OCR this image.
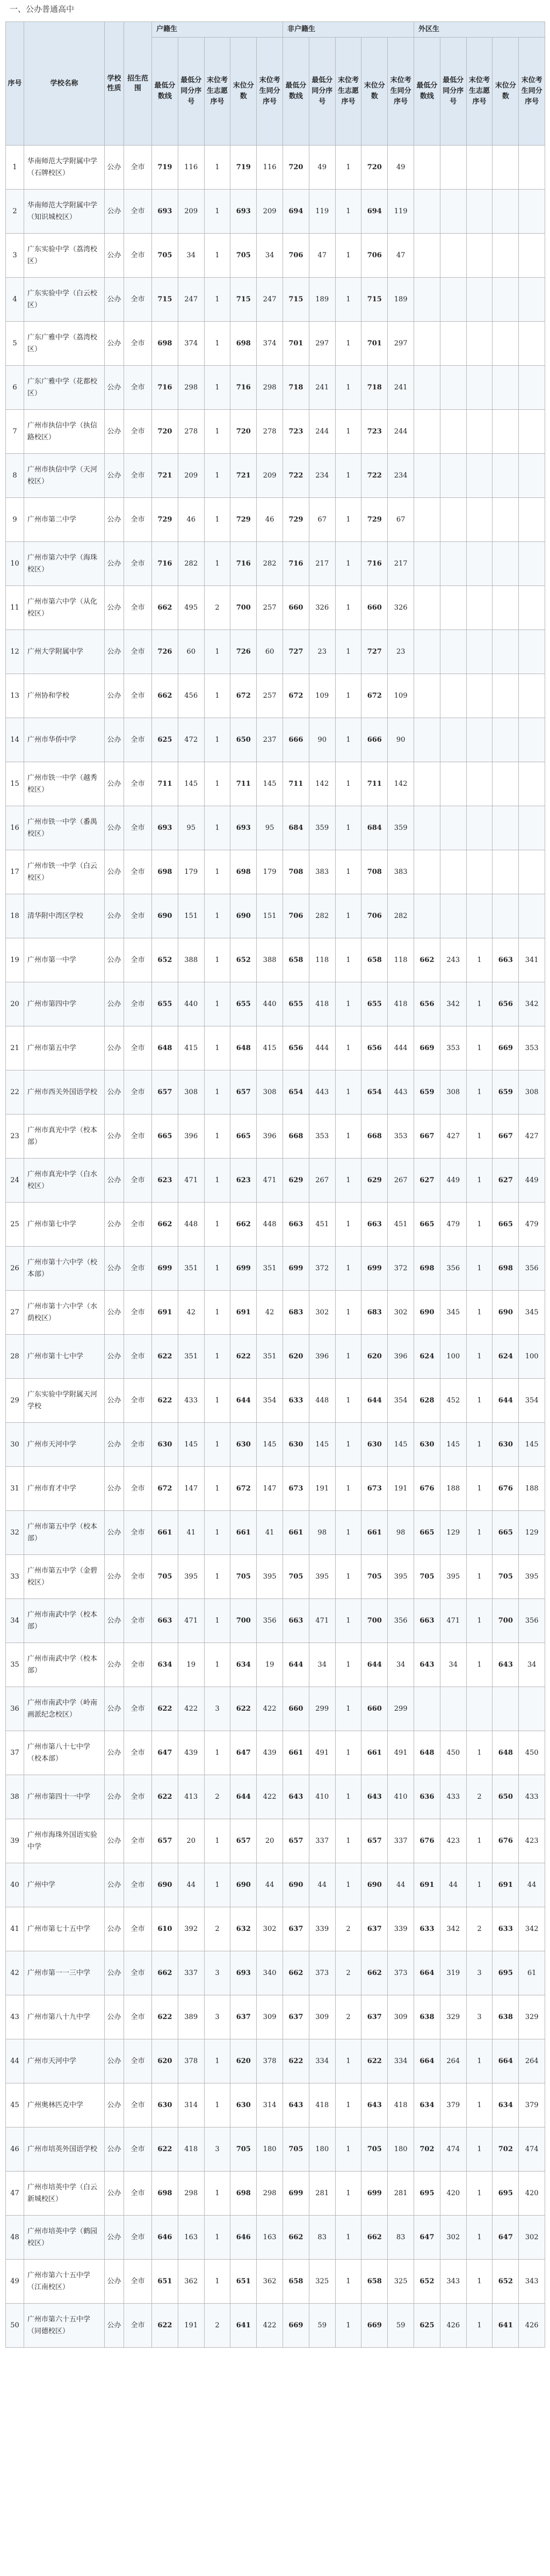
一、公办普通高中
序号	学校名称	学校性质	招生范围	户籍生					非户籍生					外区生				
				最低分数线	最低分同分序号	末位考生志愿序号	末位分数	末位考生同分序号	最低分数线	最低分同分序号	末位考生志愿序号	末位分数	末位考生同分序号	最低分数线	最低分同分序号	末位考生志愿序号	末位分数	末位考生同分序号
1	华南师范大学附属中学（石牌校区）	公办	全市	719	116	1	719	116	720	49	1	720	49					
2	华南师范大学附属中学（知识城校区）	公办	全市	693	209	1	693	209	694	119	1	694	119					
3	广东实验中学（荔湾校区）	公办	全市	705	34	1	705	34	706	47	1	706	47					
4	广东实验中学（白云校区）	公办	全市	715	247	1	715	247	715	189	1	715	189					
5	广东广雅中学（荔湾校区）	公办	全市	698	374	1	698	374	701	297	1	701	297					
6	广东广雅中学（花都校区）	公办	全市	716	298	1	716	298	718	241	1	718	241					
7	广州市执信中学（执信路校区）	公办	全市	720	278	1	720	278	723	244	1	723	244					
8	广州市执信中学（天河校区）	公办	全市	721	209	1	721	209	722	234	1	722	234					
9	广州市第二中学	公办	全市	729	46	1	729	46	729	67	1	729	67					
10	广州市第六中学（海珠校区）	公办	全市	716	282	1	716	282	716	217	1	716	217					
11	广州市第六中学（从化校区）	公办	全市	662	495	2	700	257	660	326	1	660	326					
12	广州大学附属中学	公办	全市	726	60	1	726	60	727	23	1	727	23					
13	广州协和学校	公办	全市	662	456	1	672	257	672	109	1	672	109					
14	广州市华侨中学	公办	全市	625	472	1	650	237	666	90	1	666	90					
15	广州市铁一中学（越秀校区）	公办	全市	711	145	1	711	145	711	142	1	711	142					
16	广州市铁一中学（番禺校区）	公办	全市	693	95	1	693	95	684	359	1	684	359					
17	广州市铁一中学（白云校区）	公办	全市	698	179	1	698	179	708	383	1	708	383					
18	清华附中湾区学校	公办	全市	690	151	1	690	151	706	282	1	706	282					
19	广州市第一中学	公办	全市	652	388	1	652	388	658	118	1	658	118	662	243	1	663	341
20	广州市第四中学	公办	全市	655	440	1	655	440	655	418	1	655	418	656	342	1	656	342
21	广州市第五中学	公办	全市	648	415	1	648	415	656	444	1	656	444	669	353	1	669	353
22	广州市西关外国语学校	公办	全市	657	308	1	657	308	654	443	1	654	443	659	308	1	659	308
23	广州市真光中学（校本部）	公办	全市	665	396	1	665	396	668	353	1	668	353	667	427	1	667	427
24	广州市真光中学（白水校区）	公办	全市	623	471	1	623	471	629	267	1	629	267	627	449	1	627	449
25	广州市第七中学	公办	全市	662	448	1	662	448	663	451	1	663	451	665	479	1	665	479
26	广州市第十六中学（校本部）	公办	全市	699	351	1	699	351	699	372	1	699	372	698	356	1	698	356
27	广州市第十六中学（水荫校区）	公办	全市	691	42	1	691	42	683	302	1	683	302	690	345	1	690	345
28	广州市第十七中学	公办	全市	622	351	1	622	351	620	396	1	620	396	624	100	1	624	100
29	广东实验中学附属天河学校	公办	全市	622	433	1	644	354	633	448	1	644	354	628	452	1	644	354
30	广州市天河中学	公办	全市	630	145	1	630	145	630	145	1	630	145	630	145	1	630	145
31	广州市育才中学	公办	全市	672	147	1	672	147	673	191	1	673	191	676	188	1	676	188
32	广州市第五中学（校本部）	公办	全市	661	41	1	661	41	661	98	1	661	98	665	129	1	665	129
33	广州市第五中学（金碧校区）	公办	全市	705	395	1	705	395	705	395	1	705	395	705	395	1	705	395
34	广州市南武中学（校本部）	公办	全市	663	471	1	700	356	663	471	1	700	356	663	471	1	700	356
35	广州市南武中学（校本部）	公办	全市	634	19	1	634	19	644	34	1	644	34	643	34	1	643	34
36	广州市南武中学（岭南画派纪念校区）	公办	全市	622	422	3	622	422	660	299	1	660	299					
37	广州市第八十七中学（校本部）	公办	全市	647	439	1	647	439	661	491	1	661	491	648	450	1	648	450
38	广州市第四十一中学	公办	全市	622	413	2	644	422	643	410	1	643	410	636	433	2	650	433
39	广州市海珠外国语实验中学	公办	全市	657	20	1	657	20	657	337	1	657	337	676	423	1	676	423
40	广州中学	公办	全市	690	44	1	690	44	690	44	1	690	44	691	44	1	691	44
41	广州市第七十五中学	公办	全市	610	392	2	632	302	637	339	2	637	339	633	342	2	633	342
42	广州市第一一三中学	公办	全市	662	337	3	693	340	662	373	2	662	373	664	319	3	695	61
43	广州市第八十九中学	公办	全市	622	389	3	637	309	637	309	2	637	309	638	329	3	638	329
44	广州市天河中学	公办	全市	620	378	1	620	378	622	334	1	622	334	664	264	1	664	264
45	广州奥林匹克中学	公办	全市	630	314	1	630	314	643	418	1	643	418	634	379	1	634	379
46	广州市培英外国语学校	公办	全市	622	418	3	705	180	705	180	1	705	180	702	474	1	702	474
47	广州市培英中学（白云新城校区）	公办	全市	698	298	1	698	298	699	281	1	699	281	695	420	1	695	420
48	广州市培英中学（鹤园校区）	公办	全市	646	163	1	646	163	662	83	1	662	83	647	302	1	647	302
49	广州市第六十五中学（江南校区）	公办	全市	651	362	1	651	362	658	325	1	658	325	652	343	1	652	343
50	广州市第六十五中学（同德校区）	公办	全市	622	191	2	641	422	669	59	1	669	59	625	426	1	641	426
